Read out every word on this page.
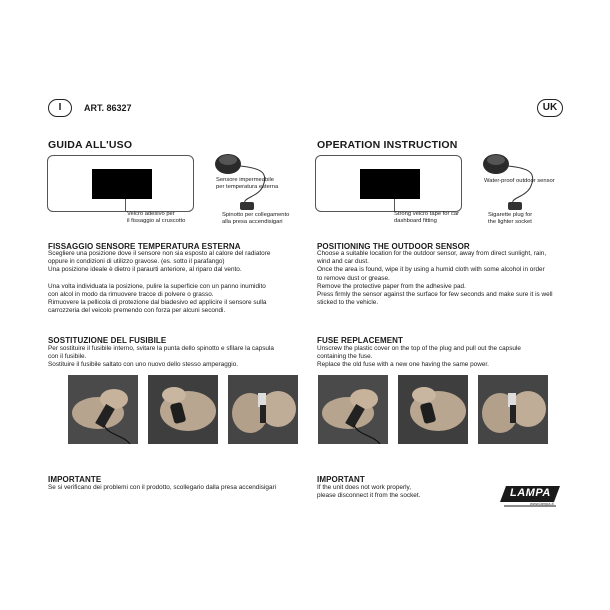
I	ART. 86327	UK
GUIDA ALL'USO
Velcro adesivo per
il fissaggio al cruscotto
Sensore impermeabile
per temperatura esterna
Spinotto per collegamento
alla presa accendisigari
FISSAGGIO SENSORE TEMPERATURA ESTERNA
Scegliere una posizione dove il sensore non sia esposto al calore del radiatore
oppure in condizioni di utilizzo gravose. (es. sotto il parafango)
Una posizione ideale è dietro il paraurti anteriore, al riparo dal vento.

Una volta individuata la posizione, pulire la superficie con un panno inumidito
con alcol in modo da rimuovere tracce di polvere o grasso.
Rimuovere la pellicola di protezione dal biadesivo ed applicire il sensore sulla
carrozzeria del veicolo premendo con forza per alcuni secondi.
SOSTITUZIONE DEL FUSIBILE
Per sostituire il fusibile interno, svitare la punta dello spinotto e sfilare la capsula
con il fusibile.
Sostituire il fusibile saltato con uno nuovo dello stesso amperaggio.
IMPORTANTE
Se si verificano dei problemi con il prodotto, scollegario dalla presa accendisigari
OPERATION INSTRUCTION
Strong velcro tape for car
dashboard fitting
Water-proof outdoor sensor
Sigarette plug for
the lighter socket
POSITIONING THE OUTDOOR SENSOR
Choose a suitable location for the outdoor sensor, away from direct sunlight, rain,
wind and car dust.
Once the area is found, wipe it by using a humid cloth with some alcohol in order
to remove dust or grease.
Remove the protective paper from the adhesive pad.
Press firmly the sensor against the surface for few seconds and make sure it is well
sticked to the vehicle.
FUSE REPLACEMENT
Unscrew the plastic cover on the top of the plug and pull out the capsule
containing the fuse.
Replace the old fuse with a new one having the same power.
IMPORTANT
If the unit does not work properly,
please disconnect it from the socket.	LAMPA
www.lampa.it
